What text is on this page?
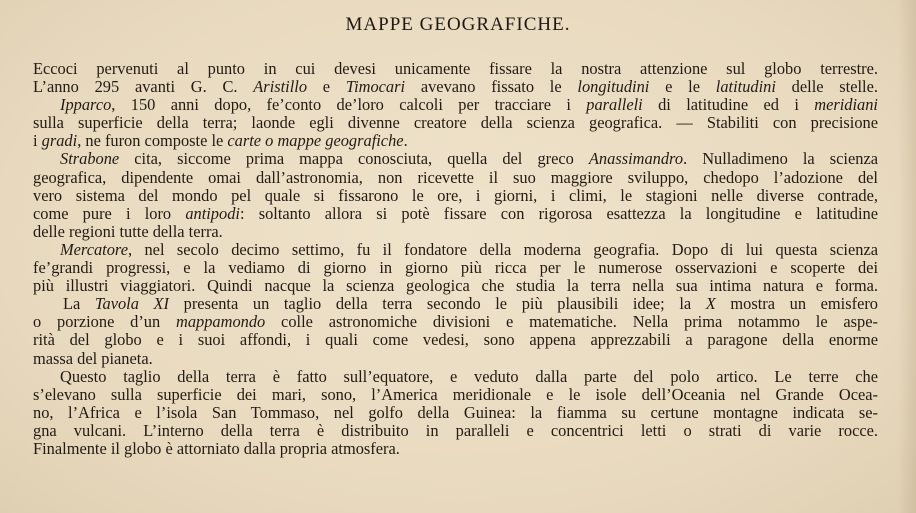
MAPPE GEOGRAFICHE.
Eccoci pervenuti al punto in cui devesi unicamente fissare la nostra attenzione sul globo terrestre.
L’anno 295 avanti G. C. Aristillo e Timocari avevano fissato le longitudini e le latitudini delle stelle.
Ipparco, 150 anni dopo, fe’conto de’loro calcoli per tracciare i paralleli di latitudine ed i meridiani
sulla superficie della terra; laonde egli divenne creatore della scienza geografica. — Stabiliti con precisione
i gradi, ne furon composte le carte o mappe geografiche.
Strabone cita, siccome prima mappa conosciuta, quella del greco Anassimandro. Nulladimeno la scienza
geografica, dipendente omai dall’astronomia, non ricevette il suo maggiore sviluppo, chedopo l’adozione del
vero sistema del mondo pel quale si fissarono le ore, i giorni, i climi, le stagioni nelle diverse contrade,
come pure i loro antipodi: soltanto allora si potè fissare con rigorosa esattezza la longitudine e latitudine
delle regioni tutte della terra.
Mercatore, nel secolo decimo settimo, fu il fondatore della moderna geografia. Dopo di lui questa scienza
fe’grandi progressi, e la vediamo di giorno in giorno più ricca per le numerose osservazioni e scoperte dei
più illustri viaggiatori. Quindi nacque la scienza geologica che studia la terra nella sua intima natura e forma.
La Tavola XI presenta un taglio della terra secondo le più plausibili idee; la X mostra un emisfero
o porzione d’un mappamondo colle astronomiche divisioni e matematiche. Nella prima notammo le aspe-
rità del globo e i suoi affondi, i quali come vedesi, sono appena apprezzabili a paragone della enorme
massa del pianeta.
Questo taglio della terra è fatto sull’equatore, e veduto dalla parte del polo artico. Le terre che
s’elevano sulla superficie dei mari, sono, l’America meridionale e le isole dell’Oceania nel Grande Ocea-
no, l’Africa e l’isola San Tommaso, nel golfo della Guinea: la fiamma su certune montagne indicata se-
gna vulcani. L’interno della terra è distribuito in paralleli e concentrici letti o strati di varie rocce.
Finalmente il globo è attorniato dalla propria atmosfera.
